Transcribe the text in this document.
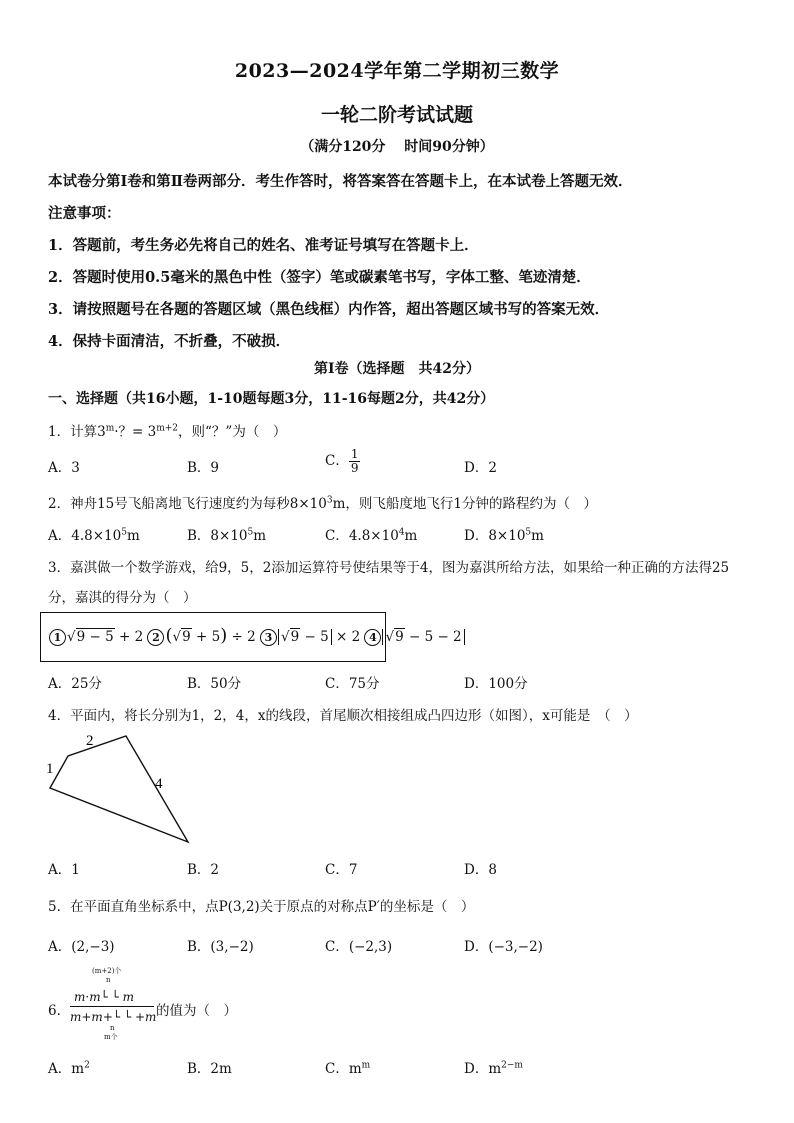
2023—2024学年第二学期初三数学
一轮二阶考试试题
（满分120分　 时间90分钟）
本试卷分第Ⅰ卷和第Ⅱ卷两部分．考生作答时，将答案答在答题卡上，在本试卷上答题无效．
注意事项：
1．答题前，考生务必先将自己的姓名、准考证号填写在答题卡上．
2．答题时使用0.5毫米的黑色中性（签字）笔或碳素笔书写，字体工整、笔迹清楚．
3．请按照题号在各题的答题区域（黑色线框）内作答，超出答题区域书写的答案无效．
4．保持卡面清洁，不折叠，不破损．
第Ⅰ卷（选择题　共42分）
一、选择题（共16小题，1-10题每题3分，11-16每题2分，共42分）
1．计算$3^m\cdot$？= $3^{m+2}$，则“？”为（　）
A．3	B．9	C． $\frac{1}{9}$	D．2
2．神舟15号飞船离地飞行速度约为每秒$8\times 10^3m$，则飞船度地飞行1分钟的路程约为（　）
A．$4.8\times 10^5m$	B．$8\times 10^5m$	C．$4.8\times 10^4m$	D．$8\times 10^5m$
3．嘉淇做一个数学游戏，给9，5，2添加运算符号使结果等于4，图为嘉淇所给方法，如果给一种正确的方法得25
分，嘉淇的得分为（　）
1 √9 − 5 + 2 2 (√9 + 5) ÷ 2 3 √9 − 5 × 2 4 √9 − 5 − 2
A．25分	B．50分	C．75分	D．100分
4．平面内，将长分别为1，2，4，x的线段，首尾顺次相接组成凸四边形（如图），x可能是　（　）
1
2
4
A．1	B．2	C．7	D．8
5．在平面直角坐标系中，点P(3,2)关于原点的对称点P′的坐标是（　）
A．(2,−3)	B．(3,−2)	C．(−2,3)	D．(−3,−2)
6．
(m+2)个
n
m·m└ └ m
m+m+└ └ +m
n
m个
的值为（　）
A．$m^2$	B．2m	C．$m^m$	D．$m^{2-m}$
